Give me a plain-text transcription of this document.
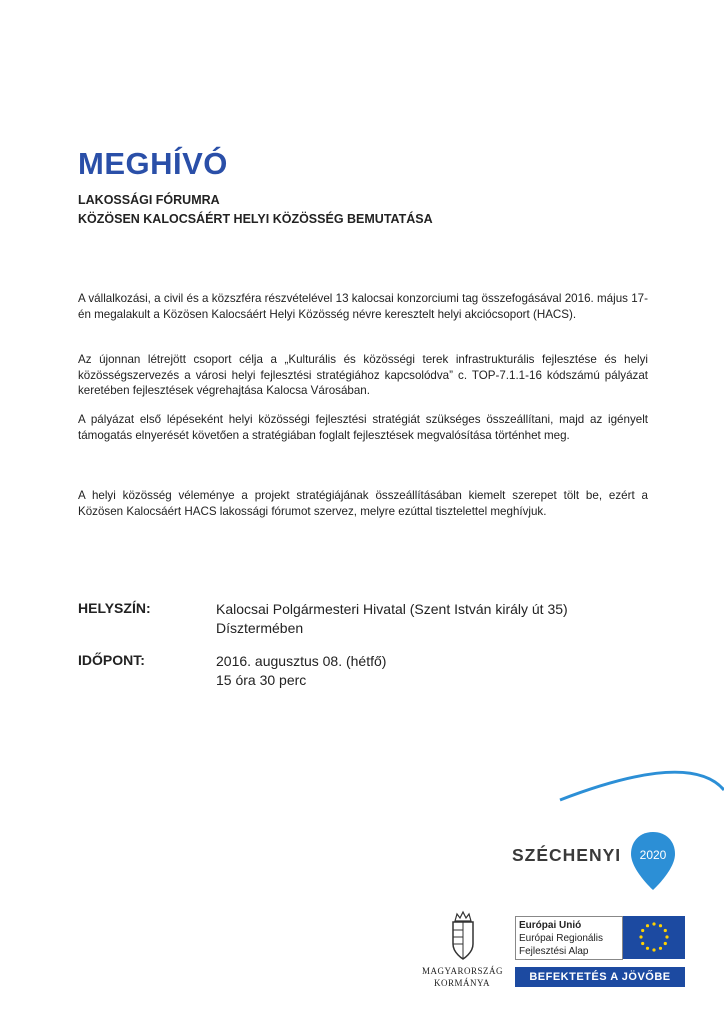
MEGHÍVÓ
LAKOSSÁGI FÓRUMRA
KÖZÖSEN KALOCSÁÉRT HELYI KÖZÖSSÉG BEMUTATÁSA
A vállalkozási, a civil és a közszféra részvételével 13 kalocsai konzorciumi tag összefogásával 2016. május 17-én megalakult a Közösen Kalocsáért Helyi Közösség névre keresztelt helyi akciócsoport (HACS).
Az újonnan létrejött csoport célja a „Kulturális és közösségi terek infrastrukturális fejlesztése és helyi közösségszervezés a városi helyi fejlesztési stratégiához kapcsolódva” c. TOP-7.1.1-16 kódszámú pályázat keretében fejlesztések végrehajtása Kalocsa Városában.
A pályázat első lépéseként helyi közösségi fejlesztési stratégiát szükséges összeállítani, majd az igényelt támogatás elnyerését követően a stratégiában foglalt fejlesztések megvalósítása történhet meg.
A helyi közösség véleménye a projekt stratégiájának összeállításában kiemelt szerepet tölt be, ezért a Közösen Kalocsáért HACS lakossági fórumot szervez, melyre ezúttal tisztelettel meghívjuk.
HELYSZÍN:	Kalocsai Polgármesteri Hivatal (Szent István király út 35)
Dísztermében
IDŐPONT:	2016. augusztus 08. (hétfő)
15 óra 30 perc
SZÉCHENYI 2020
MAGYARORSZÁG
KORMÁNYA
Európai Unió
Európai Regionális
Fejlesztési Alap
BEFEKTETÉS A JÖVŐBE
